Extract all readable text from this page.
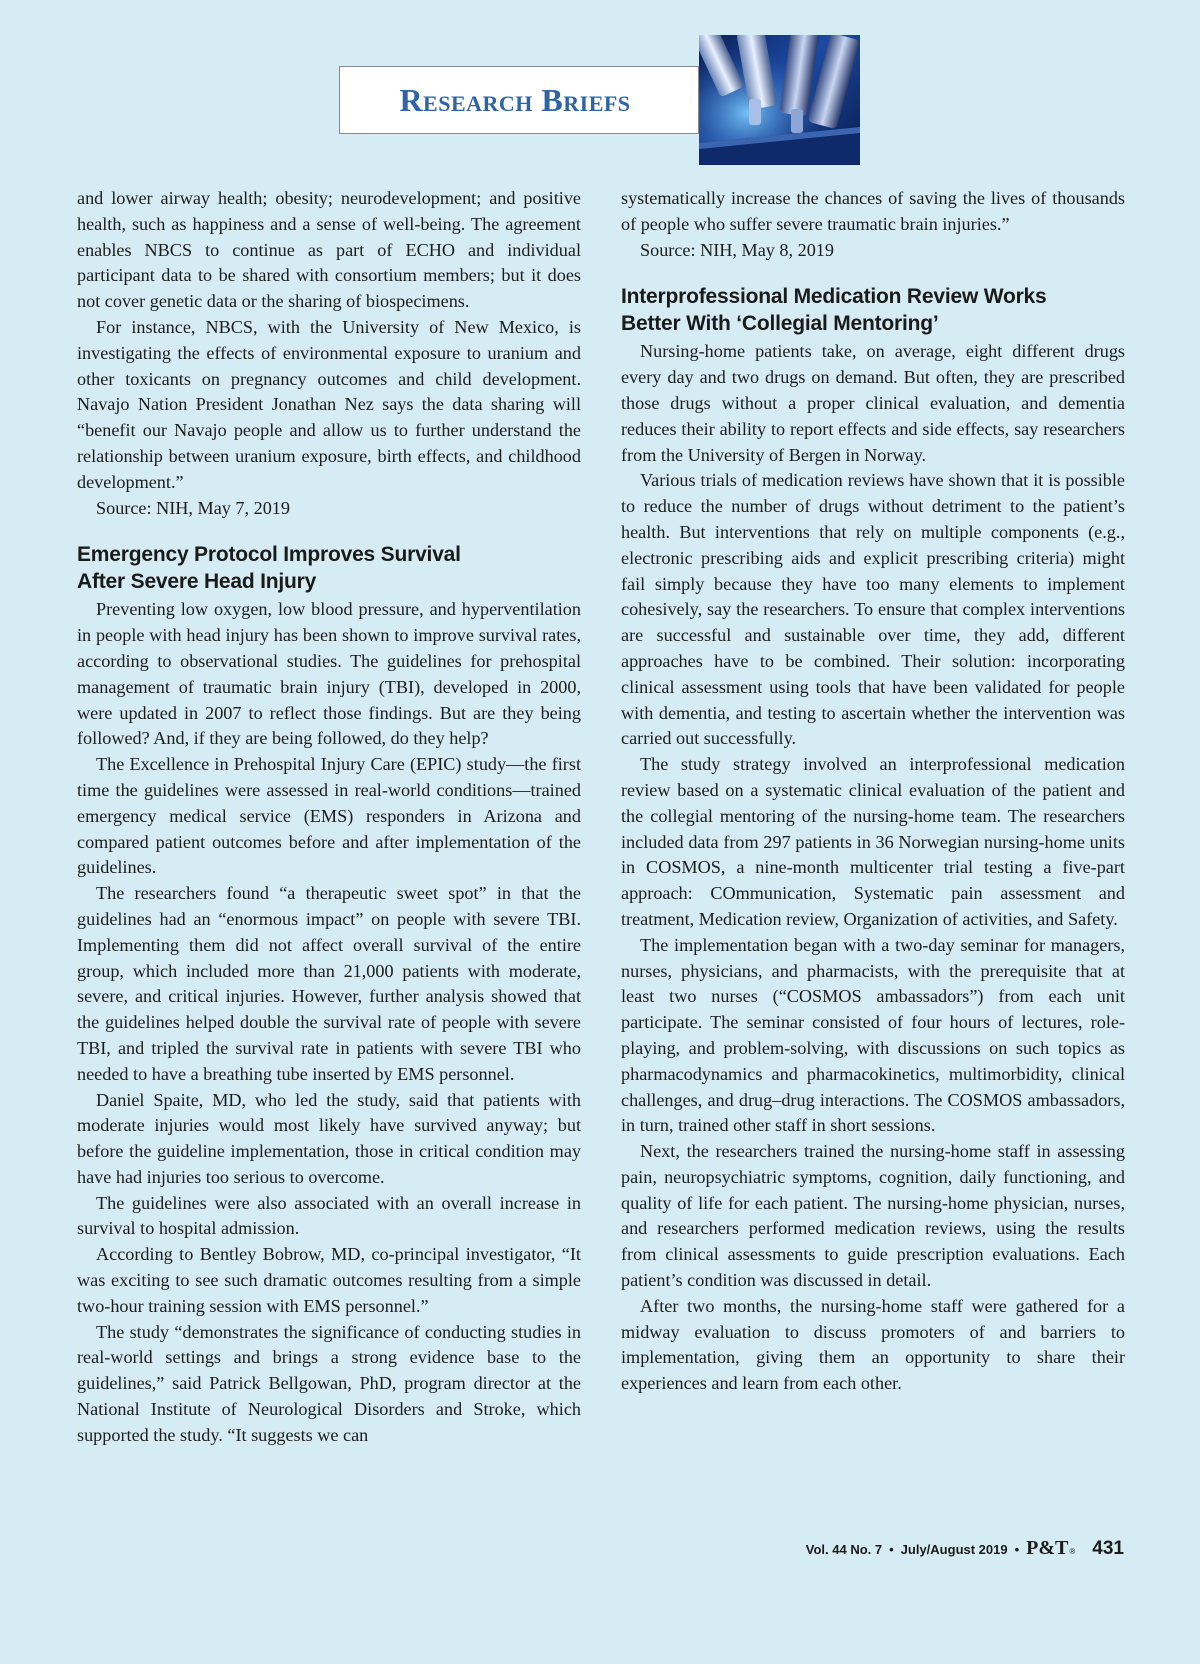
Research Briefs

and lower airway health; obesity; neurodevelopment; and positive health, such as happiness and a sense of well-being. The agreement enables NBCS to continue as part of ECHO and individual participant data to be shared with consortium members; but it does not cover genetic data or the sharing of biospecimens.

For instance, NBCS, with the University of New Mexico, is investigating the effects of environmental exposure to uranium and other toxicants on pregnancy outcomes and child development. Navajo Nation President Jonathan Nez says the data sharing will “benefit our Navajo people and allow us to further understand the relationship between uranium exposure, birth effects, and childhood development.”

Source: NIH, May 7, 2019

Emergency Protocol Improves Survival
After Severe Head Injury

Preventing low oxygen, low blood pressure, and hyperventilation in people with head injury has been shown to improve survival rates, according to observational studies. The guidelines for prehospital management of traumatic brain injury (TBI), developed in 2000, were updated in 2007 to reflect those findings. But are they being followed? And, if they are being followed, do they help?

The Excellence in Prehospital Injury Care (EPIC) study—the first time the guidelines were assessed in real-world conditions—trained emergency medical service (EMS) responders in Arizona and compared patient outcomes before and after implementation of the guidelines.

The researchers found “a therapeutic sweet spot” in that the guidelines had an “enormous impact” on people with severe TBI. Implementing them did not affect overall survival of the entire group, which included more than 21,000 patients with moderate, severe, and critical injuries. However, further analysis showed that the guidelines helped double the survival rate of people with severe TBI, and tripled the survival rate in patients with severe TBI who needed to have a breathing tube inserted by EMS personnel.

Daniel Spaite, MD, who led the study, said that patients with moderate injuries would most likely have survived anyway; but before the guideline implementation, those in critical condition may have had injuries too serious to overcome.

The guidelines were also associated with an overall increase in survival to hospital admission.

According to Bentley Bobrow, MD, co-principal investigator, “It was exciting to see such dramatic outcomes resulting from a simple two-hour training session with EMS personnel.”

The study “demonstrates the significance of conducting studies in real-world settings and brings a strong evidence base to the guidelines,” said Patrick Bellgowan, PhD, program director at the National Institute of Neurological Disorders and Stroke, which supported the study. “It suggests we can

systematically increase the chances of saving the lives of thousands of people who suffer severe traumatic brain injuries.”

Source: NIH, May 8, 2019

Interprofessional Medication Review Works
Better With ‘Collegial Mentoring’

Nursing-home patients take, on average, eight different drugs every day and two drugs on demand. But often, they are prescribed those drugs without a proper clinical evaluation, and dementia reduces their ability to report effects and side effects, say researchers from the University of Bergen in Norway.

Various trials of medication reviews have shown that it is possible to reduce the number of drugs without detriment to the patient’s health. But interventions that rely on multiple components (e.g., electronic prescribing aids and explicit prescribing criteria) might fail simply because they have too many elements to implement cohesively, say the researchers. To ensure that complex interventions are successful and sustainable over time, they add, different approaches have to be combined. Their solution: incorporating clinical assessment using tools that have been validated for people with dementia, and testing to ascertain whether the intervention was carried out successfully.

The study strategy involved an interprofessional medication review based on a systematic clinical evaluation of the patient and the collegial mentoring of the nursing-home team. The researchers included data from 297 patients in 36 Norwegian nursing-home units in COSMOS, a nine-month multicenter trial testing a five-part approach: COmmunication, Systematic pain assessment and treatment, Medication review, Organization of activities, and Safety.

The implementation began with a two-day seminar for managers, nurses, physicians, and pharmacists, with the prerequisite that at least two nurses (“COSMOS ambassadors”) from each unit participate. The seminar consisted of four hours of lectures, role-playing, and problem-solving, with discussions on such topics as pharmacodynamics and pharmacokinetics, multimorbidity, clinical challenges, and drug–drug interactions. The COSMOS ambassadors, in turn, trained other staff in short sessions.

Next, the researchers trained the nursing-home staff in assessing pain, neuropsychiatric symptoms, cognition, daily functioning, and quality of life for each patient. The nursing-home physician, nurses, and researchers performed medication reviews, using the results from clinical assessments to guide prescription evaluations. Each patient’s condition was discussed in detail.

After two months, the nursing-home staff were gathered for a midway evaluation to discuss promoters of and barriers to implementation, giving them an opportunity to share their experiences and learn from each other.

Vol. 44 No. 7 • July/August 2019 • P&T ® 431
